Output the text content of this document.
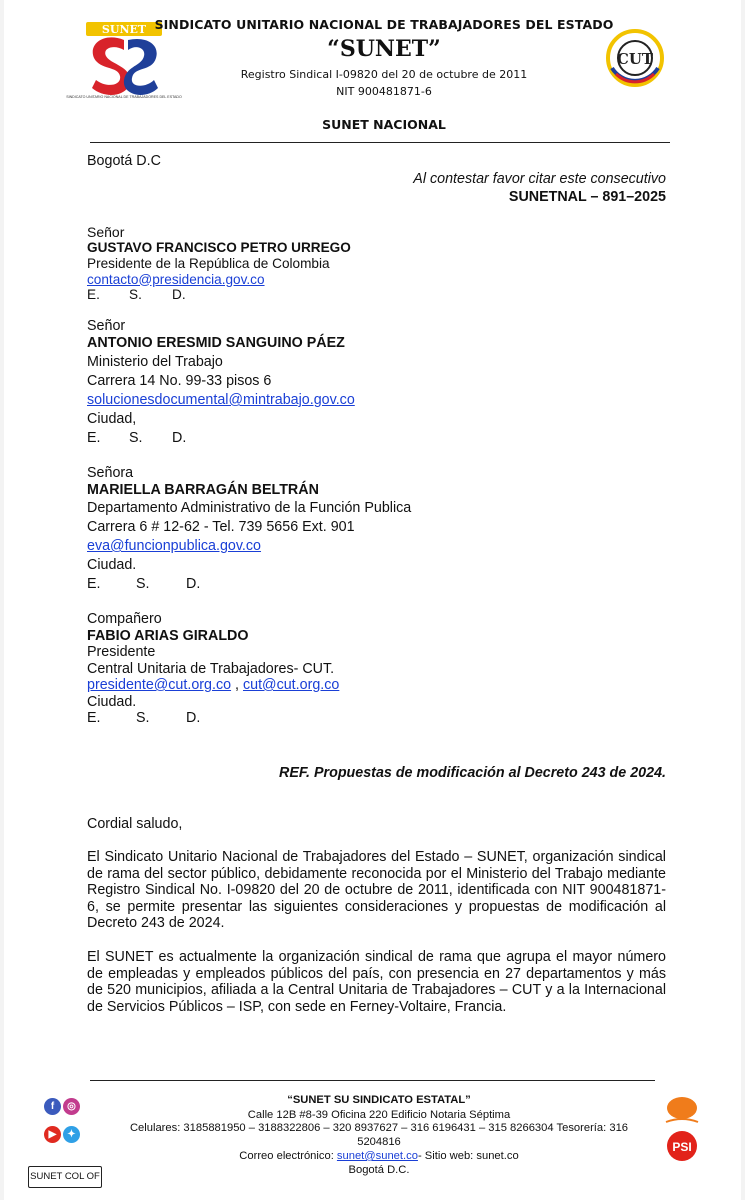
SUNET
SINDICATO UNITARIO NACIONAL DE TRABAJADORES DEL ESTADO
SINDICATO UNITARIO NACIONAL DE TRABAJADORES DEL ESTADO
“SUNET”
Registro Sindical I-09820 del 20 de octubre de 2011
NIT 900481871-6
CUT
SUNET NACIONAL
Bogotá D.C
Al contestar favor citar este consecutivo
SUNETNAL – 891–2025
Señor
GUSTAVO FRANCISCO PETRO URREGO
Presidente de la República de Colombia
contacto@presidencia.gov.co
E. S. D.
Señor
ANTONIO ERESMID SANGUINO PÁEZ
Ministerio del Trabajo
Carrera 14 No. 99-33 pisos 6
solucionesdocumental@mintrabajo.gov.co
Ciudad,
E. S. D.
Señora
MARIELLA BARRAGÁN BELTRÁN
Departamento Administrativo de la Función Publica
Carrera 6 # 12-62 - Tel. 739 5656 Ext. 901
eva@funcionpublica.gov.co
Ciudad.
E. S.	D.
Compañero
FABIO ARIAS GIRALDO
Presidente
Central Unitaria de Trabajadores- CUT.
presidente@cut.org.co , cut@cut.org.co
Ciudad.
E. S.	D.
REF. Propuestas de modificación al Decreto 243 de 2024.
Cordial saludo,
El Sindicato Unitario Nacional de Trabajadores del Estado – SUNET, organización sindical de rama del sector público, debidamente reconocida por el Ministerio del Trabajo mediante Registro Sindical No. I-09820 del 20 de octubre de 2011, identificada con NIT 900481871-6, se permite presentar las siguientes consideraciones y propuestas de modificación al Decreto 243 de 2024.
El SUNET es actualmente la organización sindical de rama que agrupa el mayor número de empleadas y empleados públicos del país, con presencia en 27 departamentos y más de 520 municipios, afiliada a la Central Unitaria de Trabajadores – CUT y a la Internacional de Servicios Públicos – ISP, con sede en Ferney-Voltaire, Francia.
f	◎
▶	✦
SUNET COL OF
“SUNET SU SINDICATO ESTATAL”
Calle 12B #8-39 Oficina 220 Edificio Notaria Séptima
Celulares: 3185881950 – 3188322806 – 320 8937627 – 316 6196431 – 315 8266304 Tesorería: 316
5204816
Correo electrónico: sunet@sunet.co- Sitio web: sunet.co
Bogotá D.C.
PSI
